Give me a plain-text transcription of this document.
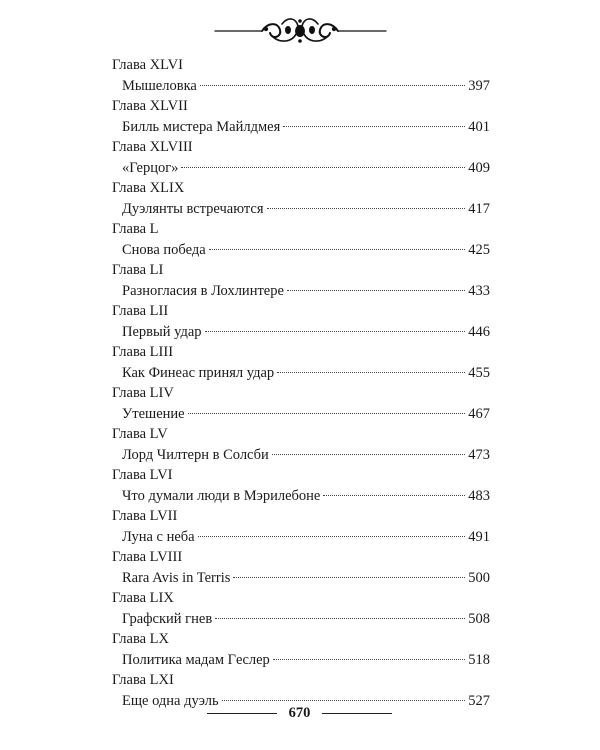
Глава XLVI
Мышеловка	397
Глава XLVII
Билль мистера Майлдмея	401
Глава XLVIII
«Герцог»	409
Глава XLIX
Дуэлянты встречаются	417
Глава L
Снова победа	425
Глава LI
Разногласия в Лохлинтере	433
Глава LII
Первый удар	446
Глава LIII
Как Финеас принял удар	455
Глава LIV
Утешение	467
Глава LV
Лорд Чилтерн в Солсби	473
Глава LVI
Что думали люди в Мэрилебоне	483
Глава LVII
Луна с неба	491
Глава LVIII
Rara Avis in Terris	500
Глава LIX
Графский гнев	508
Глава LX
Политика мадам Гeслер	518
Глава LXI
Еще одна дуэль	527
670
